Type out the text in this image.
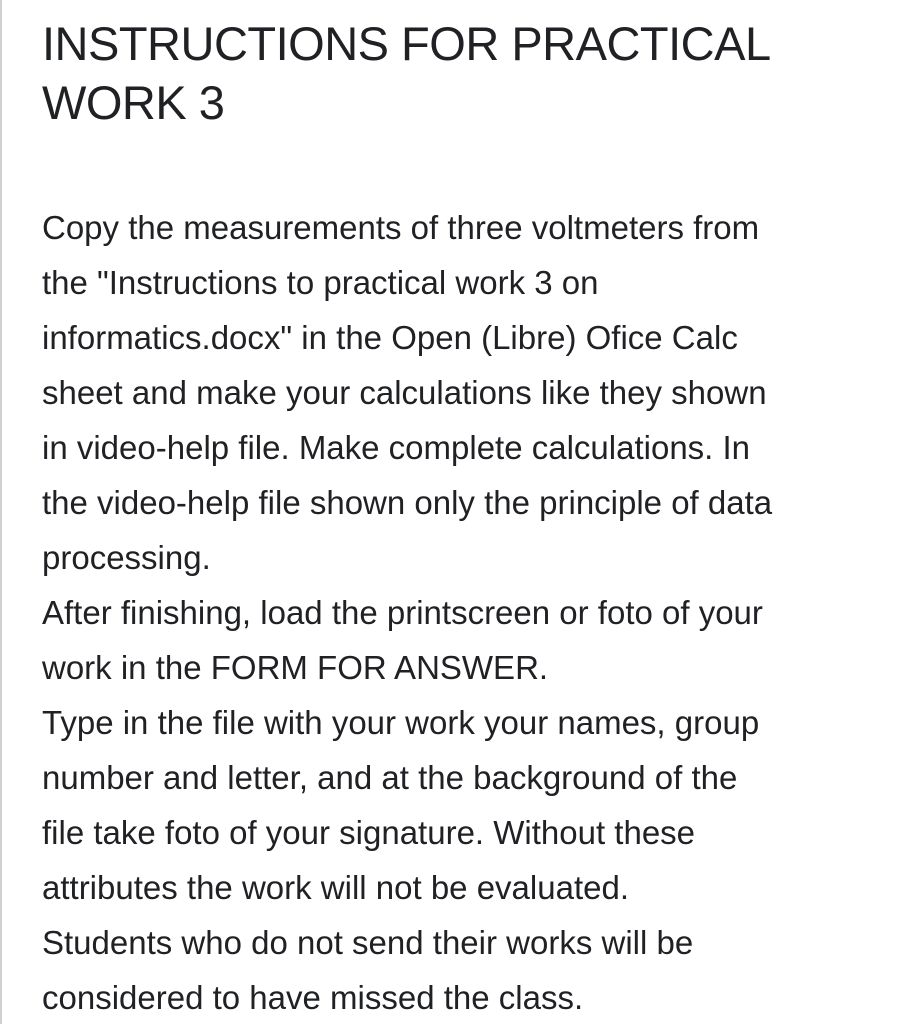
INSTRUCTIONS FOR PRACTICAL
WORK 3
Copy the measurements of three voltmeters from
the "Instructions to practical work 3 on
informatics.docx" in the Open (Libre) Ofice Calc
sheet and make your calculations like they shown
in video-help file. Make complete calculations. In
the video-help file shown only the principle of data
processing.
After finishing, load the printscreen or foto of your
work in the FORM FOR ANSWER.
Type in the file with your work your names, group
number and letter, and at the background of the
file take foto of your signature. Without these
attributes the work will not be evaluated.
Students who do not send their works will be
considered to have missed the class.
